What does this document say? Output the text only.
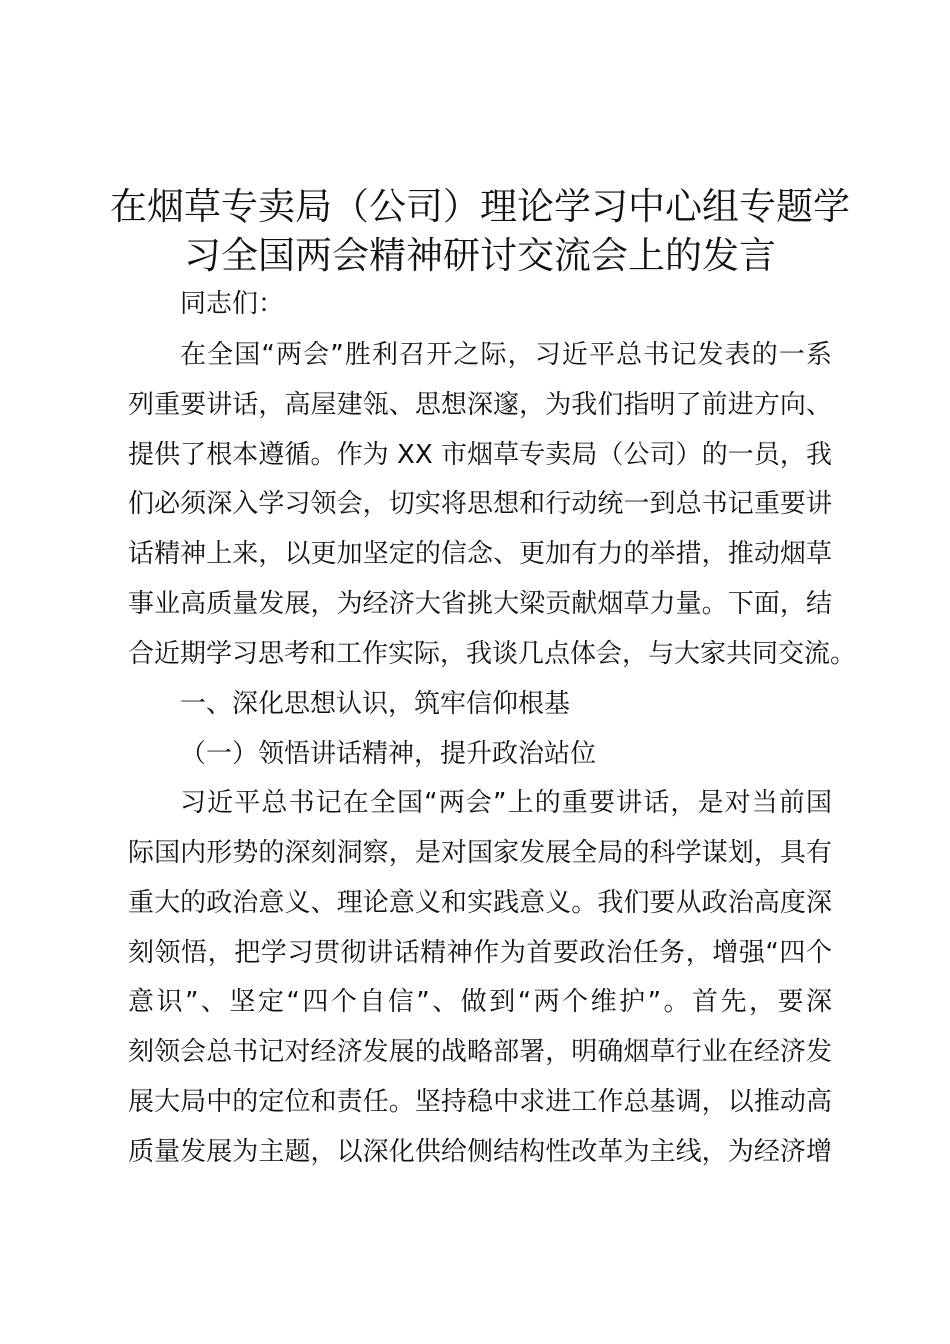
在烟草专卖局（公司）理论学习中心组专题学
习全国两会精神研讨交流会上的发言

同志们：

在全国“两会”胜利召开之际，习近平总书记发表的一系

列重要讲话，高屋建瓴、思想深邃，为我们指明了前进方向、

提供了根本遵循。作为 XX 市烟草专卖局（公司）的一员，我

们必须深入学习领会，切实将思想和行动统一到总书记重要讲

话精神上来，以更加坚定的信念、更加有力的举措，推动烟草

事业高质量发展，为经济大省挑大梁贡献烟草力量。下面，结

合近期学习思考和工作实际，我谈几点体会，与大家共同交流。

一、深化思想认识，筑牢信仰根基

（一）领悟讲话精神，提升政治站位

习近平总书记在全国“两会”上的重要讲话，是对当前国

际国内形势的深刻洞察，是对国家发展全局的科学谋划，具有

重大的政治意义、理论意义和实践意义。我们要从政治高度深

刻领悟，把学习贯彻讲话精神作为首要政治任务，增强“四个

意识”、坚定“四个自信”、做到“两个维护”。首先，要深

刻领会总书记对经济发展的战略部署，明确烟草行业在经济发

展大局中的定位和责任。坚持稳中求进工作总基调，以推动高

质量发展为主题，以深化供给侧结构性改革为主线，为经济增
